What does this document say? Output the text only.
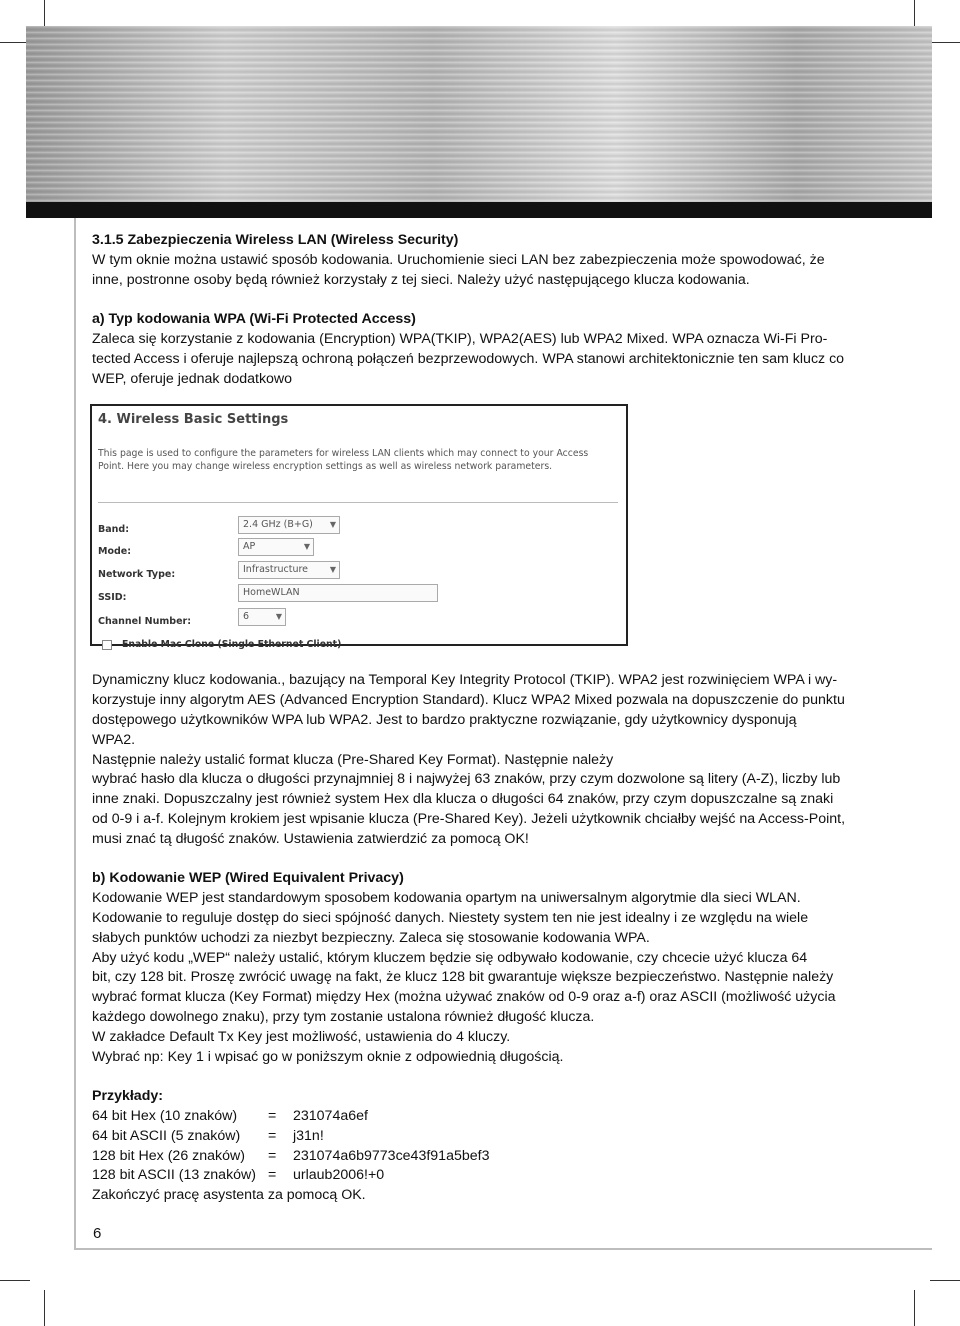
3.1.5 Zabezpieczenia Wireless LAN (Wireless Security)

W tym oknie można ustawić sposób kodowania. Uruchomienie sieci LAN bez zabezpieczenia może spowodować, że

inne, postronne osoby będą również korzystały z tej sieci. Należy użyć następującego klucza kodowania.

a) Typ kodowania WPA (Wi-Fi Protected Access)

Zaleca się korzystanie z kodowania (Encryption) WPA(TKIP), WPA2(AES) lub WPA2 Mixed. WPA oznacza Wi-Fi Pro-

tected Access i oferuje najlepszą ochroną połączeń bezprzewodowych. WPA stanowi architektonicznie ten sam klucz co

WEP, oferuje jednak dodatkowo

4. Wireless Basic Settings
This page is used to configure the parameters for wireless LAN clients which may connect to your Access Point. Here you may change wireless encryption settings as well as wireless network parameters.
Band:	2.4 GHz (B+G) ▼
Mode:	AP	▼
Network Type:	Infrastructure	▼
SSID:	HomeWLAN
Channel Number:	6	▼
Enable Mac Clone (Single Ethernet Client)

Dynamiczny klucz kodowania., bazujący na Temporal Key Integrity Protocol (TKIP). WPA2 jest rozwinięciem WPA i wy-

korzystuje inny algorytm AES (Advanced Encryption Standard). Klucz WPA2 Mixed pozwala na dopuszczenie do punktu

dostępowego użytkowników WPA lub WPA2. Jest to bardzo praktyczne rozwiązanie, gdy użytkownicy dysponują

WPA2.

Następnie należy ustalić format klucza (Pre-Shared Key Format). Następnie należy

wybrać hasło dla klucza o długości przynajmniej 8 i najwyżej 63 znaków, przy czym dozwolone są litery (A-Z), liczby lub

inne znaki. Dopuszczalny jest również system Hex dla klucza o długości 64 znaków, przy czym dopuszczalne są znaki

od 0-9 i a-f. Kolejnym krokiem jest wpisanie klucza (Pre-Shared Key). Jeżeli użytkownik chciałby wejść na Access-Point,

musi znać tą długość znaków. Ustawienia zatwierdzić za pomocą OK!

b) Kodowanie WEP (Wired Equivalent Privacy)

Kodowanie WEP jest standardowym sposobem kodowania opartym na uniwersalnym algorytmie dla sieci WLAN.

Kodowanie to reguluje dostęp do sieci spójność danych. Niestety system ten nie jest idealny i ze względu na wiele

słabych punktów uchodzi za niezbyt bezpieczny. Zaleca się stosowanie kodowania WPA.

Aby użyć kodu „WEP“ należy ustalić, którym kluczem będzie się odbywało kodowanie, czy chcecie użyć klucza 64

bit, czy 128 bit. Proszę zwrócić uwagę na fakt, że klucz 128 bit gwarantuje większe bezpieczeństwo. Następnie należy

wybrać format klucza (Key Format) między Hex (można używać znaków od 0-9 oraz a-f) oraz ASCII (możliwość użycia

każdego dowolnego znaku), przy tym zostanie ustalona również długość klucza.

W zakładce Default Tx Key jest możliwość, ustawienia do 4 kluczy.

Wybrać np: Key 1 i wpisać go w poniższym oknie z odpowiednią długością.

Przykłady:

64 bit Hex (10 znaków) = 231074a6ef
64 bit ASCII (5 znaków) = j31n!
128 bit Hex (26 znaków) = 231074a6b9773ce43f91a5bef3
128 bit ASCII (13 znaków) = urlaub2006!+0

Zakończyć pracę asystenta za pomocą OK.

6
